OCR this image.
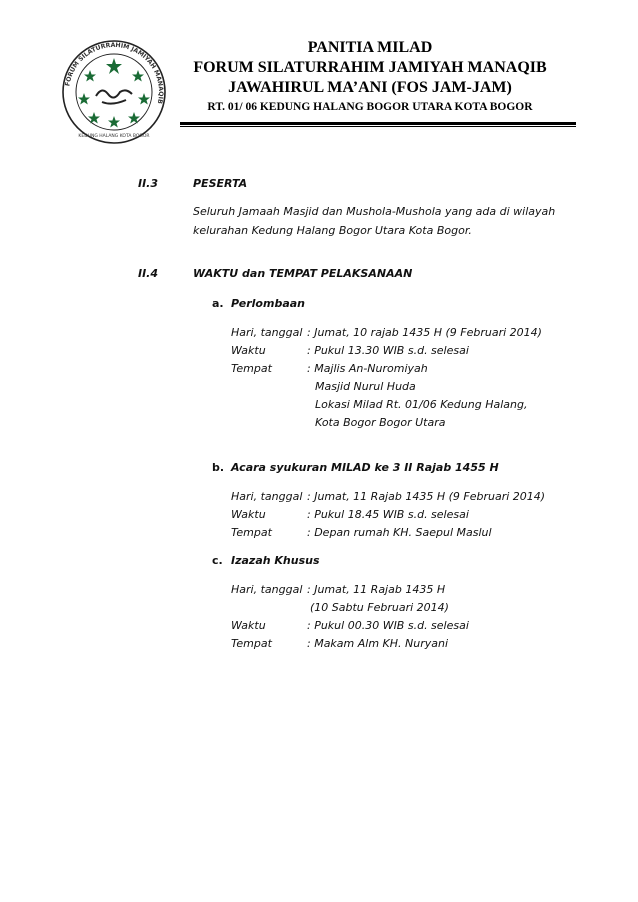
FORUM SILATURRAHIM JAMIYAH MANAQIB
KEDUNG HALANG KOTA BOGOR
PANITIA MILAD
FORUM SILATURRAHIM JAMIYAH MANAQIB
JAWAHIRUL MA’ANI (FOS JAM-JAM)
RT. 01/ 06 KEDUNG HALANG BOGOR UTARA KOTA BOGOR
II.3	PESERTA
Seluruh Jamaah Masjid dan Mushola-Mushola yang ada di wilayah
kelurahan Kedung Halang Bogor Utara Kota Bogor.
II.4	WAKTU dan TEMPAT PELAKSANAAN
a. Perlombaan
Hari, tanggal : Jumat, 10 rajab 1435 H (9 Februari 2014)
Waktu	: Pukul 13.30 WIB s.d. selesai
Tempat	: Majlis An-Nuromiyah
Masjid Nurul Huda
Lokasi Milad Rt. 01/06 Kedung Halang,
Kota Bogor Bogor Utara
b. Acara syukuran MILAD ke 3 II Rajab 1455 H
Hari, tanggal : Jumat, 11 Rajab 1435 H (9 Februari 2014)
Waktu	: Pukul 18.45 WIB s.d. selesai
Tempat	: Depan rumah KH. Saepul Maslul
c. Izazah Khusus
Hari, tanggal : Jumat, 11 Rajab 1435 H
(10 Sabtu Februari 2014)
Waktu	: Pukul 00.30 WIB s.d. selesai
Tempat	: Makam Alm KH. Nuryani
